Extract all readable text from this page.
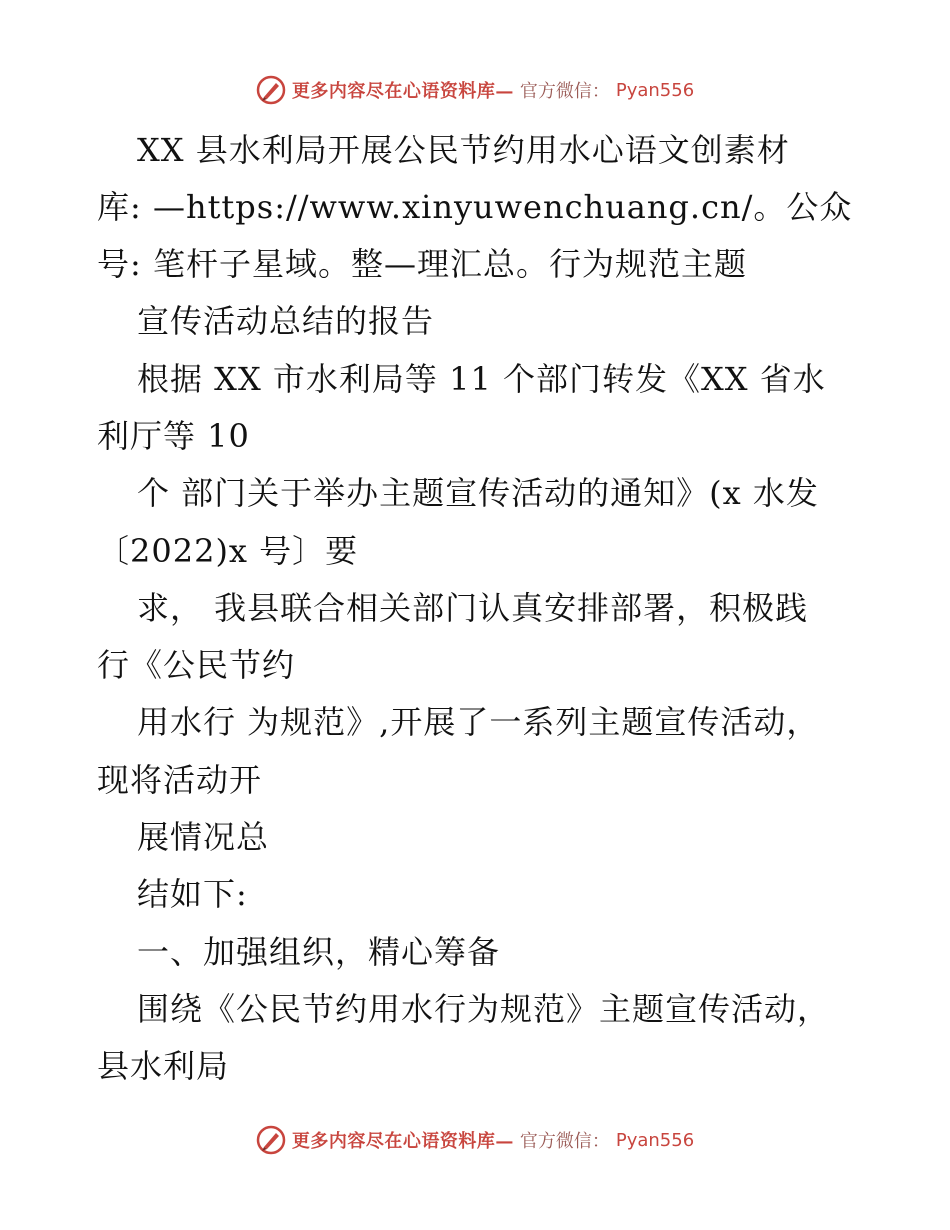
更多内容尽在心语资料库— 官方微信： Pyan556
XX 县水利局开展公民节约用水心语文创素材
库: —https://www.xinyuwenchuang.cn/。公众
号: 笔杆子星域。整—理汇总。行为规范主题
宣传活动总结的报告
根据 XX 市水利局等 11 个部门转发《XX 省水
利厅等 10
个 部门关于举办主题宣传活动的通知》(x 水发
〔2022)x 号〕要
求， 我县联合相关部门认真安排部署，积极践
行《公民节约
用水行 为规范》,开展了一系列主题宣传活动，
现将活动开
展情况总
结如下:
一、加强组织，精心筹备
围绕《公民节约用水行为规范》主题宣传活动，
县水利局
更多内容尽在心语资料库— 官方微信： Pyan556
